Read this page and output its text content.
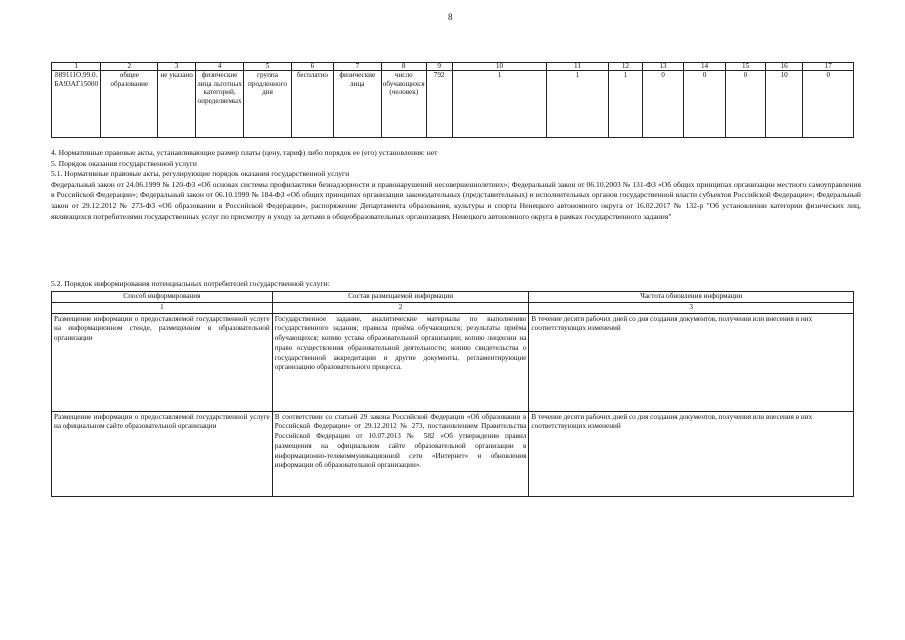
8
1	2	3	4	5	6	7	8	9	10	11	12	13	14	15	16	17
889111О.99.0.БА93АГ15000	общее образование	не указано	физические лица льготных категорий, определяемых	группа продленного дня	бесплатно	физические лица	число обучающихся (человек)	792	1	1	1	0	0	0	10	0

4. Нормативные правовые акты, устанавливающие размер платы (цену, тариф) либо порядок ее (его) установления: нет

5. Порядок оказания государственной услуги

5.1. Нормативные правовые акты, регулирующие порядок оказания государственной услуги

Федеральный закон от 24.06.1999 № 120-ФЗ «Об основах системы профилактики безнадзорности и правонарушений несовершеннолетних»; Федеральный закон от 06.10.2003 № 131-ФЗ «Об общих принципах организации местного самоуправления в Российской Федерации»; Федеральный закон от 06.10.1999 № 184-ФЗ «Об общих принципах организации законодательных (представительных) и исполнительных органов государственной власти субъектов Российской Федерации»; Федеральный закон от 29.12.2012 № 273-ФЗ «Об образовании в Российской Федерации», распоряжение Департамента образования, культуры и спорта Ненецкого автономного округа от 16.02.2017 № 132-р "Об установлении категории физических лиц, являющихся потребителями государственных услуг по присмотру и уходу за детьми в общеобразовательных организациях Ненецкого автономного округа в рамках государственного задания"

5.2. Порядок информирования потенциальных потребителей государственной услуги:
Способ информирования	Состав размещаемой информации	Частота обновления информации
1	2	3
Размещение информации о предоставляемой государственной услуге на информационном стенде, размещенном в образовательной организации	Государственное задание, аналитические материалы по выполнению государственного задания; правила приёма обучающихся; результаты приёма обучающихся; копию устава образовательной организации; копию лицензии на право осуществления образовательной деятельности; копию свидетельства о государственной аккредитации и другие документы, регламентирующие организацию образовательного процесса.	В течение десяти рабочих дней со дня создания документов, получения или внесения в них соответствующих изменений
Размещение информации о предоставляемой государственной услуге на официальном сайте образовательной организации	В соответствии со статьей 29 закона Российской Федерации «Об образовании в Российской Федерации» от 29.12.2012 № 273, постановлением Правительства Российской Федерации от 10.07.2013 № 582 «Об утверждении правил размещения на официальном сайте образовательной организации в информационно-телекоммуникационной сети «Интернет» и обновления информации об образовательной организации».	В течение десяти рабочих дней со дня создания документов, получения или внесения в них соответствующих изменений
